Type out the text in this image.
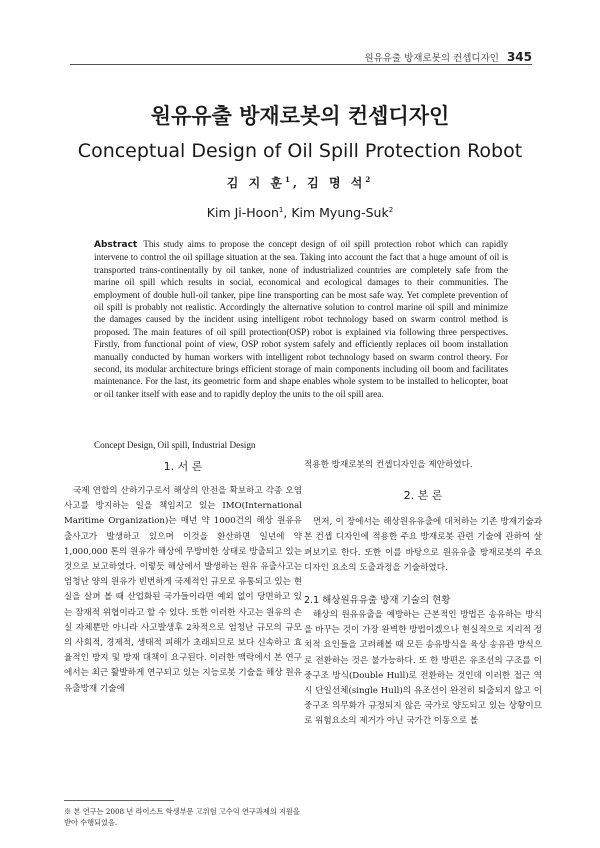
원유유출 방재로봇의 컨셉디자인 345
원유유출 방재로봇의 컨셉디자인
Conceptual Design of Oil Spill Protection Robot
김 지 훈$^1$, 김 명 석$^2$
Kim Ji-Hoon$^1$, Kim Myung-Suk$^2$
Abstract This study aims to propose the concept design of oil spill protection robot which can rapidly intervene to control the oil spillage situation at the sea. Taking into account the fact that a huge amount of oil is transported trans-continentally by oil tanker, none of industrialized countries are completely safe from the marine oil spill which results in social, economical and ecological damages to their communities. The employment of double hull-oil tanker, pipe line transporting can be most safe way. Yet complete prevention of oil spill is probably not realistic. Accordingly the alternative solution to control marine oil spill and minimize the damages caused by the incident using intelligent robot technology based on swarm control method is proposed. The main features of oil spill protection(OSP) robot is explained via following three perspectives. Firstly, from functional point of view, OSP robot system safely and efficiently replaces oil boom installation manually conducted by human workers with intelligent robot technology based on swarm control theory. For second, its modular architecture brings efficient storage of main components including oil boom and facilitates maintenance. For the last, its geometric form and shape enables whole system to be installed to helicopter, boat or oil tanker itself with ease and to rapidly deploy the units to the oil spill area.
Concept Design, Oil spill, Industrial Design

1. 서 론

국제 연합의 산하기구로서 해상의 안전을 확보하고 각종 오염사고를 방지하는 일을 책임지고 있는 IMO(International Maritime Organization)는 매년 약 1000건의 해상 원유유출사고가 발생하고 있으며 이것을 환산하면 일년에 약 1,000,000 톤의 원유가 해상에 무방비한 상태로 방출되고 있는 것으로 보고하였다. 이렇듯 해상에서 발생하는 원유 유출사고는 엄청난 양의 원유가 빈번하게 국제적인 규모로 유통되고 있는 현실을 살펴 볼 때 산업화된 국가들이라면 예외 없이 당면하고 있는 잠재적 위협이라고 할 수 있다. 또한 이러한 사고는 원유의 손실 자체뿐만 아니라 사고발생후 2차적으로 엄청난 규모의 규모의 사회적, 경제적, 생태적 피해가 초래되므로 보다 신속하고 효율적인 방지 및 방재 대책이 요구된다. 이러한 맥락에서 본 연구에서는 최근 활발하게 연구되고 있는 지능로봇 기술을 해상 원유 유출방재 기술에

적용한 방재로봇의 컨셉디자인을 제안하였다.

2. 본 론

먼저, 이 장에서는 해상원유유출에 대처하는 기존 방재기술과 본 컨셉 디자인에 적용한 주요 방재로봇 관련 기술에 관하여 살펴보기로 한다. 또한 이를 바탕으로 원유유출 방재로봇의 주요 디자인 요소의 도출과정을 기술하였다.

2.1 해상원유유출 방재 기술의 현황

해상의 원유유출을 예방하는 근본적인 방법은 송유하는 방식을 바꾸는 것이 가장 완벽한 방법이겠으나 현실적으로 지리적 정치적 요인들을 고려해볼 때 모든 송유방식을 육상 송유관 방식으로 전환하는 것은 불가능하다. 또 한 방편은 유조선의 구조를 이중구조 방식(Double Hull)로 전환하는 것인데 이러한 접근 역시 단일선체(single Hull)의 유조선이 완전히 퇴출되지 않고 이중구조 의무화가 규정되지 않은 국가로 양도되고 있는 상황이므로 위험요소의 제거가 아닌 국가간 이동으로 볼

※ 본 연구는 2008 년 라이스트 학생부문 고위험 고수익 연구과제의 지원을 받아 수행되었음.
